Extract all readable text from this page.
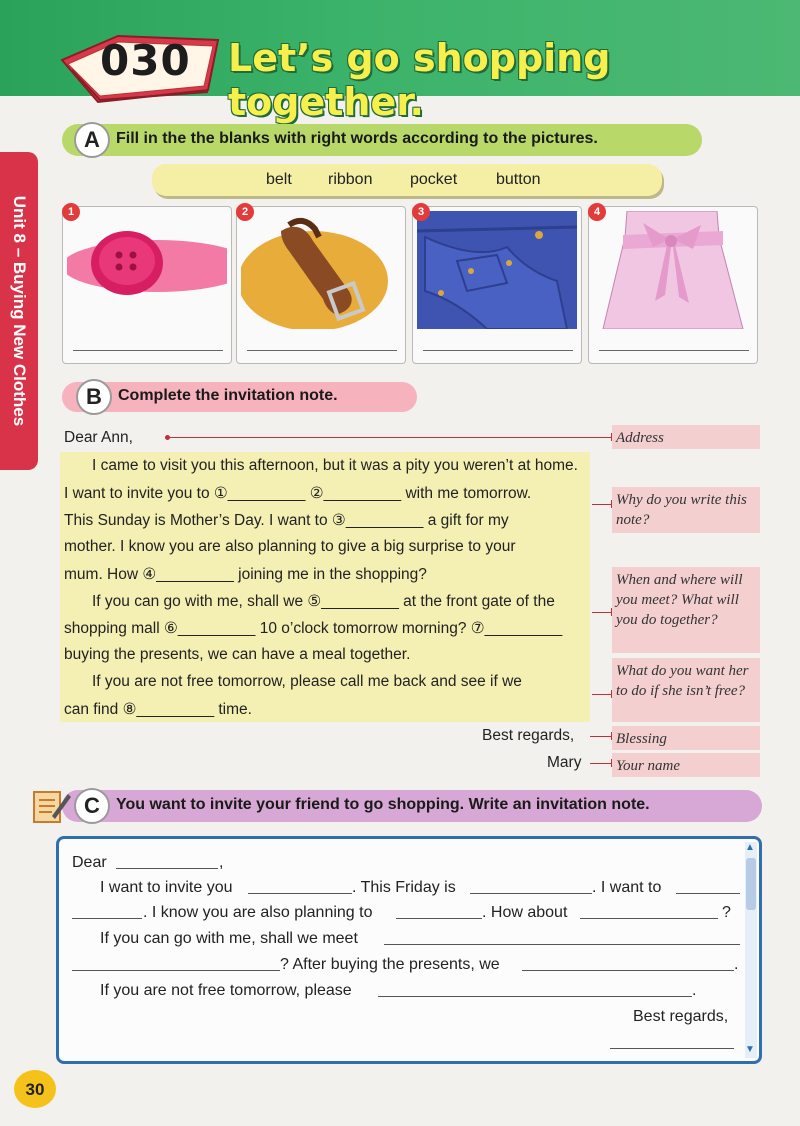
030 Let’s go shopping together.
Unit 8 – Buying New Clothes
A	Fill in the the blanks with right words according to the pictures.
belt ribbon pocket button
1	2	3	4
B	Complete the invitation note.
Dear Ann,
I came to visit you this afternoon, but it was a pity you weren’t at home.
I want to invite you to ①_________ ②_________ with me tomorrow.
This Sunday is Mother’s Day. I want to ③_________ a gift for my
mother. I know you are also planning to give a big surprise to your
mum. How ④_________ joining me in the shopping?
If you can go with me, shall we ⑤_________ at the front gate of the
shopping mall ⑥_________ 10 o’clock tomorrow morning? ⑦_________
buying the presents, we can have a meal together.
If you are not free tomorrow, please call me back and see if we
can find ⑧_________ time.
Best regards,
Mary
Address
Why do you write this note?
When and where will you meet? What will you do together?
What do you want her to do if she isn’t free?
Blessing
Your name
C	You want to invite your friend to go shopping. Write an invitation note.
▲
▼
Dear	,
I want to invite you	. This Friday is	. I want to
. I know you are also planning to	. How about	?
If you can go with me, shall we meet
? After buying the presents, we	.
If you are not free tomorrow, please	.
Best regards,
30
